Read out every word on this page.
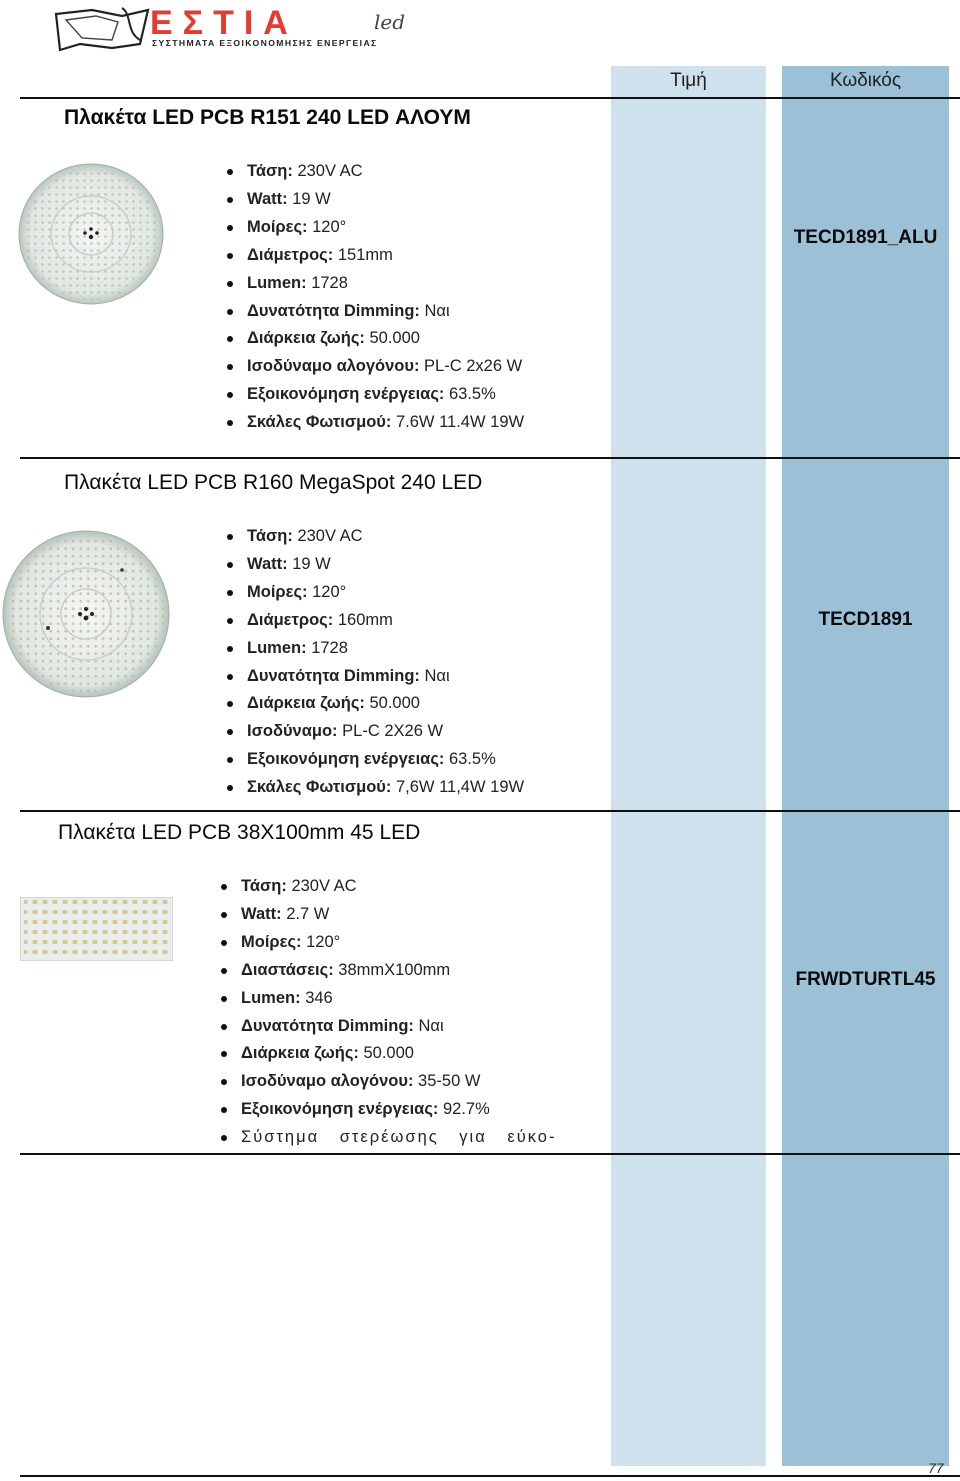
ΕΣΤΙΑ	led
ΣΥΣΤΗΜΑΤΑ ΕΞΟΙΚΟΝΟΜΗΣΗΣ ΕΝΕΡΓΕΙΑΣ
Τιμή	Κωδικός
Πλακέτα LED PCB R151 240 LED ΑΛΟΥΜ
Τάση: 230V AC
Watt: 19 W
Μοίρες: 120°
Διάμετρος: 151mm
Lumen: 1728
Δυνατότητα Dimming: Ναι
Διάρκεια ζωής: 50.000
Ισοδύναμο αλογόνου: PL-C 2x26 W
Εξοικονόμηση ενέργειας: 63.5%
Σκάλες Φωτισμού: 7.6W 11.4W 19W
TECD1891_ALU
Πλακέτα LED PCB R160 MegaSpot 240 LED
Τάση: 230V AC
Watt: 19 W
Μοίρες: 120°
Διάμετρος: 160mm
Lumen: 1728
Δυνατότητα Dimming: Ναι
Διάρκεια ζωής: 50.000
Ισοδύναμο: PL-C 2X26 W
Εξοικονόμηση ενέργειας: 63.5%
Σκάλες Φωτισμού: 7,6W 11,4W 19W
TECD1891
Πλακέτα LED PCB 38X100mm 45 LED
Τάση: 230V AC
Watt: 2.7 W
Μοίρες: 120°
Διαστάσεις: 38mmX100mm
Lumen: 346
Δυνατότητα Dimming: Ναι
Διάρκεια ζωής: 50.000
Ισοδύναμο αλογόνου: 35-50 W
Εξοικονόμηση ενέργειας: 92.7%
Σύστημα στερέωσης για εύκο-
FRWDTURTL45
77
